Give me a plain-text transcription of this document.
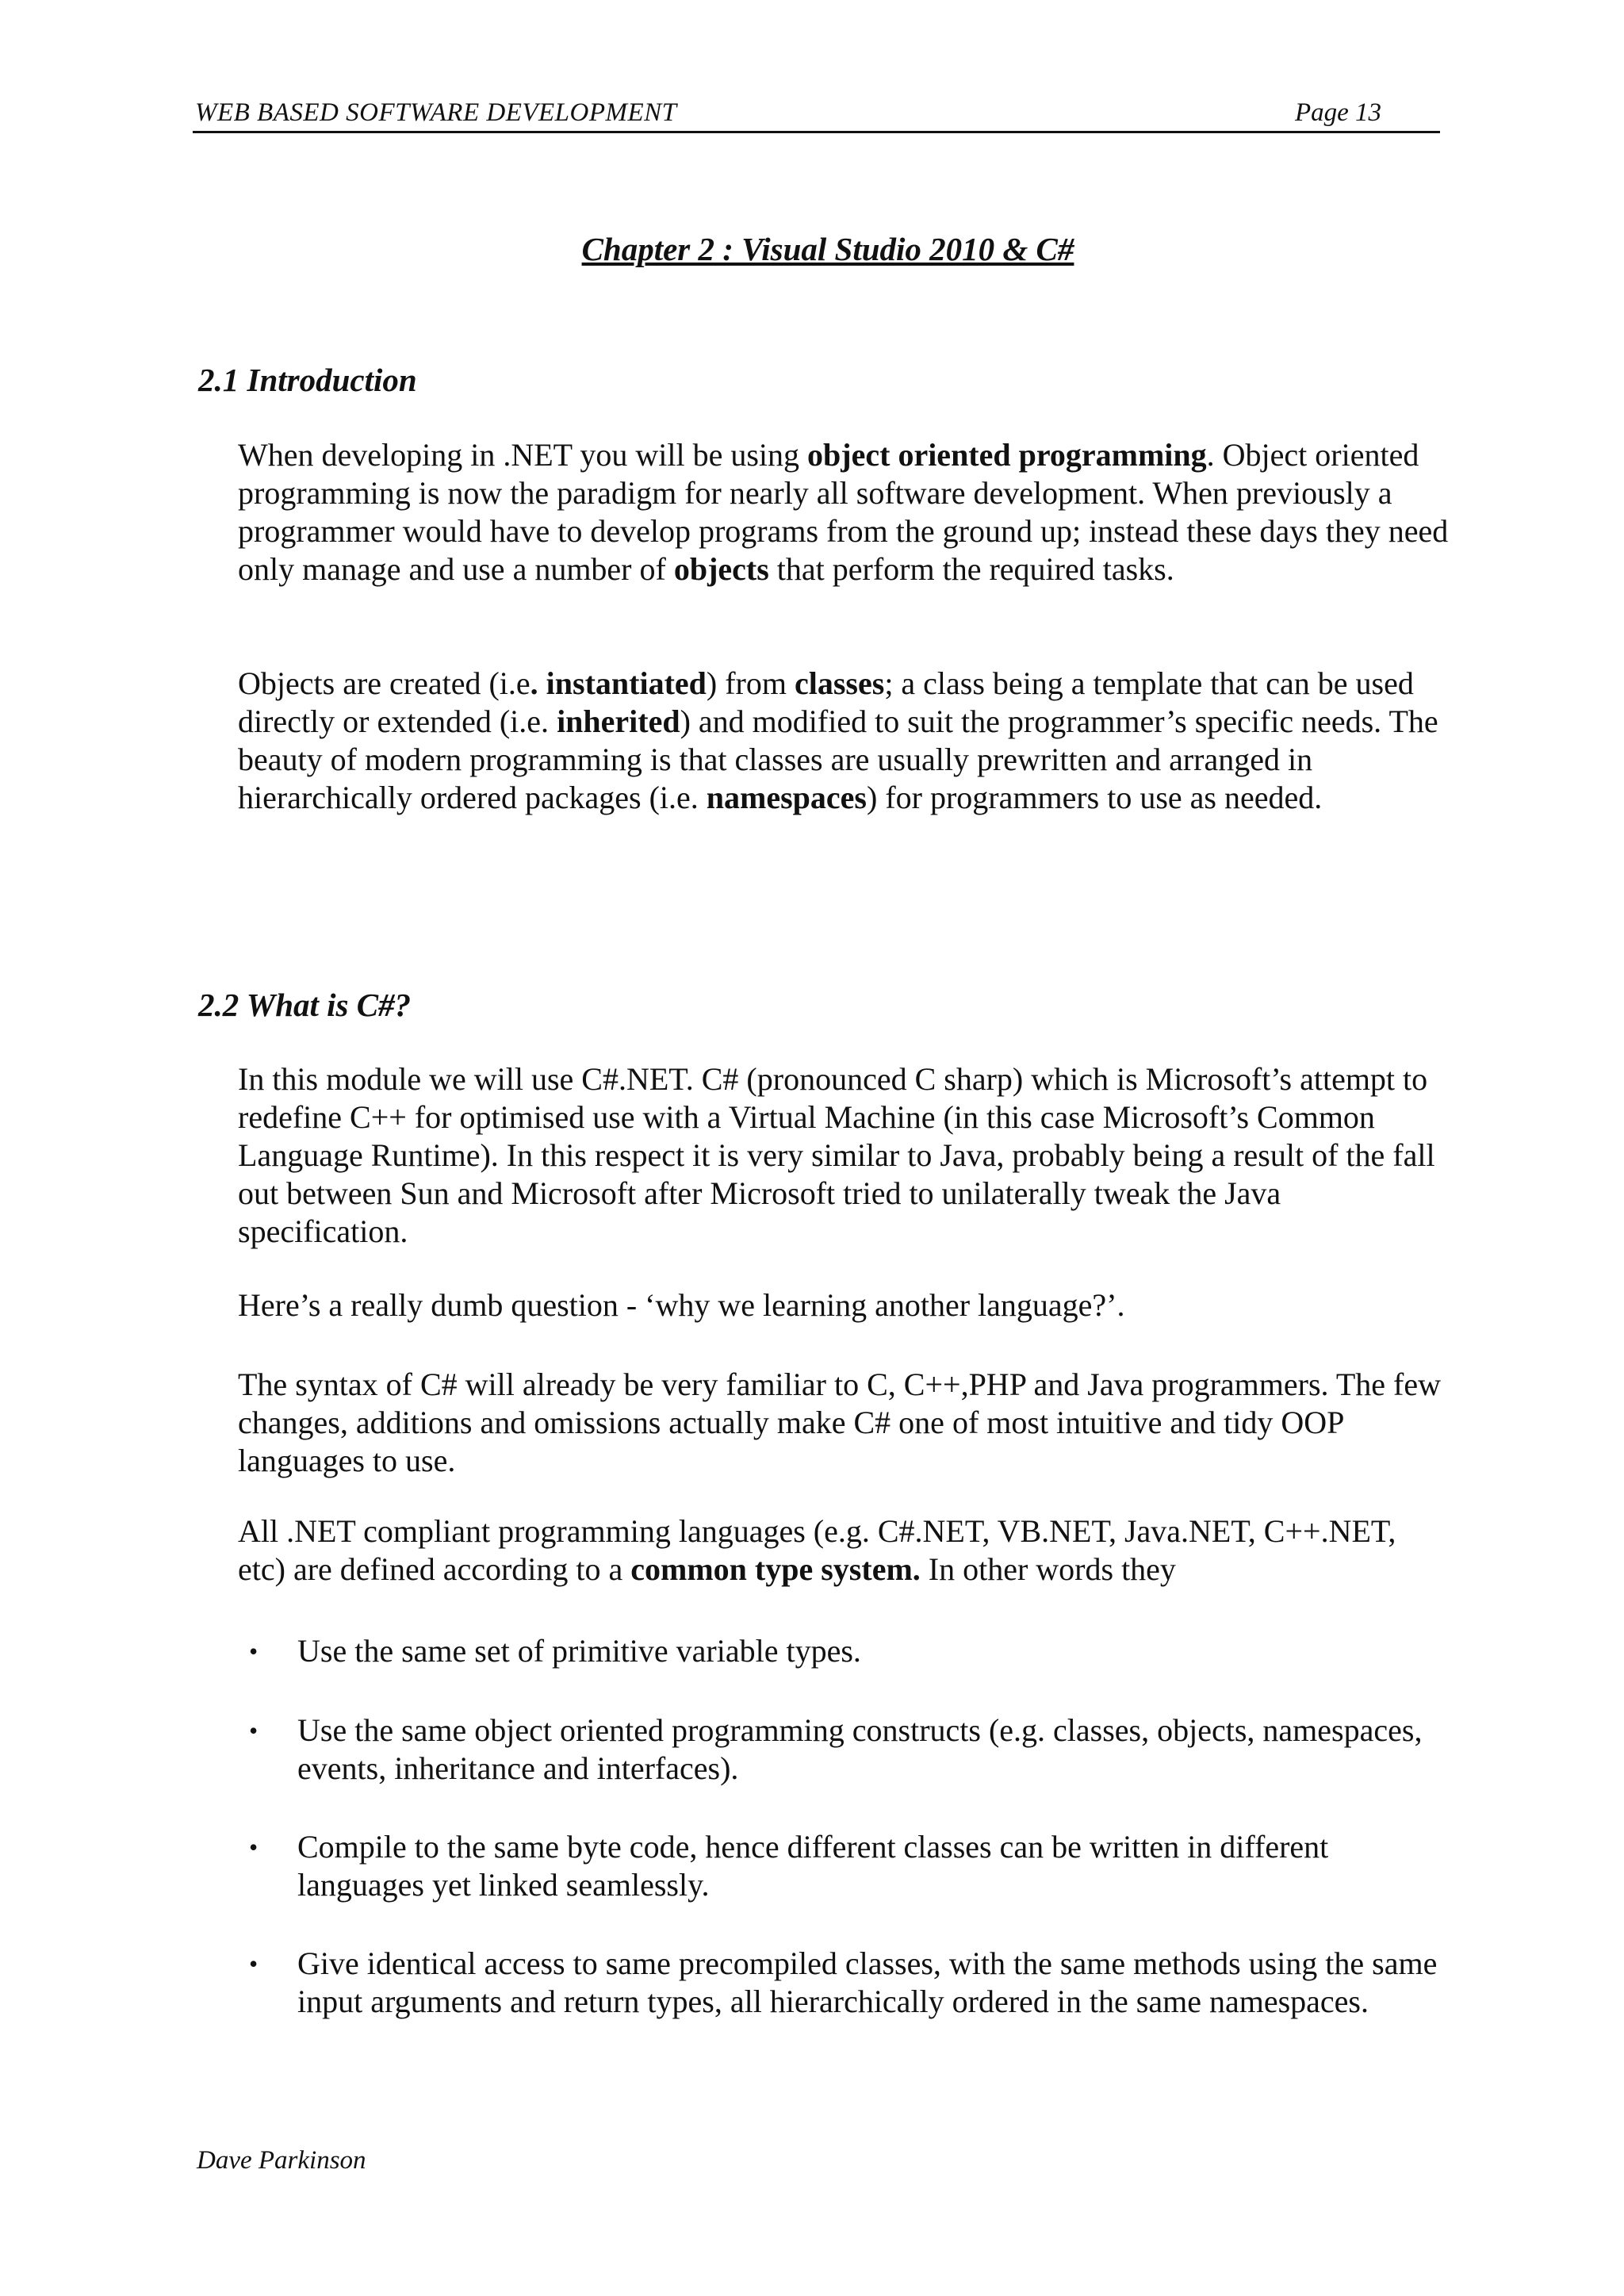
WEB BASED SOFTWARE DEVELOPMENT	Page 13
Chapter 2 : Visual Studio 2010 & C#
2.1 Introduction
When developing in .NET you will be using object oriented programming. Object oriented programming is now the paradigm for nearly all software development. When previously a programmer would have to develop programs from the ground up; instead these days they need only manage and use a number of objects that perform the required tasks.
Objects are created (i.e. instantiated) from classes; a class being a template that can be used directly or extended (i.e. inherited) and modified to suit the programmer’s specific needs. The beauty of modern programming is that classes are usually prewritten and arranged in hierarchically ordered packages (i.e. namespaces) for programmers to use as needed.
2.2 What is C#?
In this module we will use C#.NET. C# (pronounced C sharp) which is Microsoft’s attempt to redefine C++ for optimised use with a Virtual Machine (in this case Microsoft’s Common Language Runtime). In this respect it is very similar to Java, probably being a result of the fall out between Sun and Microsoft after Microsoft tried to unilaterally tweak the Java specification.
Here’s a really dumb question - ‘why we learning another language?’.
The syntax of C# will already be very familiar to C, C++,PHP and Java programmers. The few changes, additions and omissions actually make C# one of most intuitive and tidy OOP languages to use.
All .NET compliant programming languages (e.g. C#.NET, VB.NET, Java.NET, C++.NET, etc) are defined according to a common type system. In other words they
• Use the same set of primitive variable types.
• Use the same object oriented programming constructs (e.g. classes, objects, namespaces, events, inheritance and interfaces).
• Compile to the same byte code, hence different classes can be written in different languages yet linked seamlessly.
• Give identical access to same precompiled classes, with the same methods using the same input arguments and return types, all hierarchically ordered in the same namespaces.
Dave Parkinson
